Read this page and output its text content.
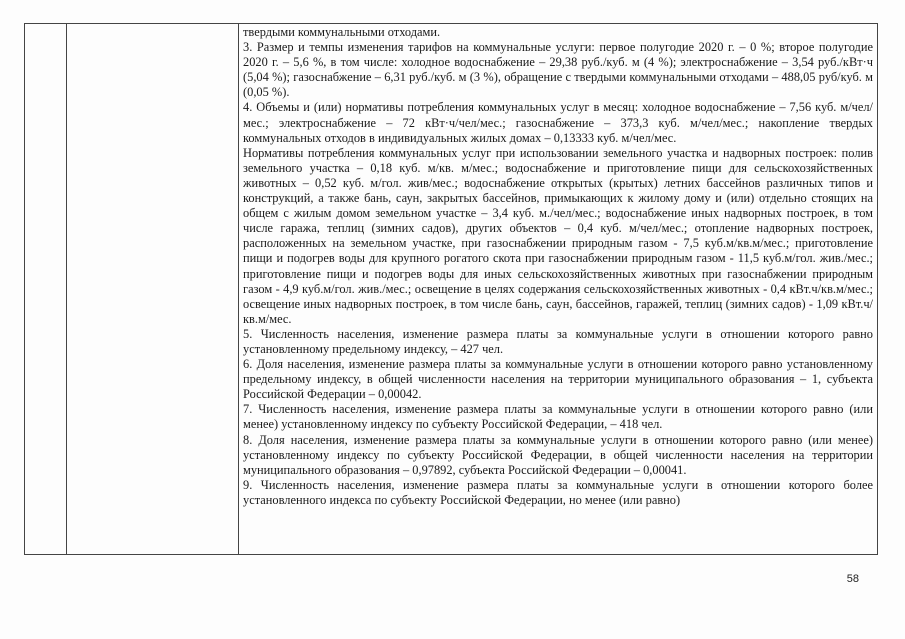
твердыми коммунальными отходами.

3. Размер и темпы изменения тарифов на коммунальные услуги: первое полугодие 2020 г. – 0 %; второе полугодие 2020 г. – 5,6 %, в том числе: холодное водоснабжение – 29,38 руб./куб. м (4 %); электроснабжение – 3,54 руб./кВт·ч (5,04 %); газоснабжение – 6,31 руб./куб. м (3 %), обращение с твердыми коммунальными отходами – 488,05 руб/куб. м (0,05 %).

4. Объемы и (или) нормативы потребления коммунальных услуг в месяц: холодное водоснабжение – 7,56 куб. м/чел/мес.; электроснабжение – 72 кВт·ч/чел/мес.; газоснабжение – 373,3 куб. м/чел/мес.; накопление твердых коммунальных отходов в индивидуальных жилых домах – 0,13333 куб. м/чел/мес.

Нормативы потребления коммунальных услуг при использовании земельного участка и надворных построек: полив земельного участка – 0,18 куб. м/кв. м/мес.; водоснабжение и приготовление пищи для сельскохозяйственных животных – 0,52 куб. м/гол. жив/мес.; водоснабжение открытых (крытых) летних бассейнов различных типов и конструкций, а также бань, саун, закрытых бассейнов, примыкающих к жилому дому и (или) отдельно стоящих на общем с жилым домом земельном участке – 3,4 куб. м./чел/мес.; водоснабжение иных надворных построек, в том числе гаража, теплиц (зимних садов), других объектов – 0,4 куб. м/чел/мес.; отопление надворных построек, расположенных на земельном участке, при газоснабжении природным газом - 7,5 куб.м/кв.м/мес.; приготовление пищи и подогрев воды для крупного рогатого скота при газоснабжении природным газом - 11,5 куб.м/гол. жив./мес.; приготовление пищи и подогрев воды для иных сельскохозяйственных животных при газоснабжении природным газом - 4,9 куб.м/гол. жив./мес.; освещение в целях содержания сельскохозяйственных животных - 0,4 кВт.ч/кв.м/мес.; освещение иных надворных построек, в том числе бань, саун, бассейнов, гаражей, теплиц (зимних садов) - 1,09 кВт.ч/кв.м/мес.

5. Численность населения, изменение размера платы за коммунальные услуги в отношении которого равно установленному предельному индексу, – 427 чел.

6. Доля населения, изменение размера платы за коммунальные услуги в отношении которого равно установленному предельному индексу, в общей численности населения на территории муниципального образования – 1, субъекта Российской Федерации – 0,00042.

7. Численность населения, изменение размера платы за коммунальные услуги в отношении которого равно (или менее) установленному индексу по субъекту Российской Федерации, – 418 чел.

8. Доля населения, изменение размера платы за коммунальные услуги в отношении которого равно (или менее) установленному индексу по субъекту Российской Федерации, в общей численности населения на территории муниципального образования – 0,97892, субъекта Российской Федерации – 0,00041.

9. Численность населения, изменение размера платы за коммунальные услуги в отношении которого более установленного индекса по субъекту Российской Федерации, но менее (или равно)

58
